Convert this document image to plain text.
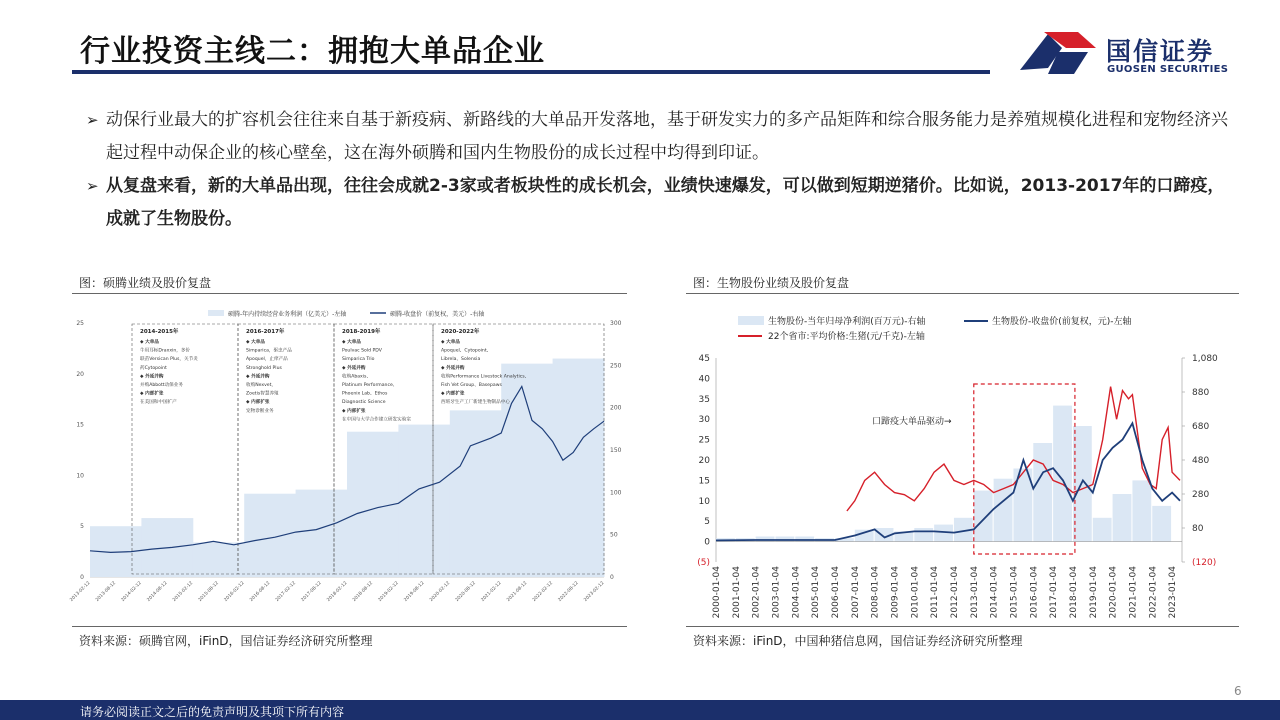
行业投资主线二：拥抱大单品企业	国信证券
GUOSEN SECURITIES
➢ 动保行业最大的扩容机会往往来自基于新疫病、新路线的大单品开发落地，基于研发实力的多产品矩阵和综合服务能力是养殖规模化进程和宠物经济兴起过程中动保企业的核心壁垒，这在海外硕腾和国内生物股份的成长过程中均得到印证。
➢ 从复盘来看，新的大单品出现，往往会成就2-3家或者板块性的成长机会，业绩快速爆发，可以做到短期逆猪价。比如说，2013-2017年的口蹄疫，成就了生物股份。
图：硕腾业绩及股价复盘
硕腾-年内持续经营业务利润（亿美元）-左轴	硕腾-收盘价（前复权，美元）-右轴
25
20
15
10
5
0
300
250
200
150
100
50
0
2014-2015年
◆ 大单品
牛用耳标Draxxin，多价
联苗Versican Plus，关节炎
药Cytopoint
◆ 外延并购
并购Abbott动保业务
◆ 内部扩张
在美国和中国扩产
2016-2017年
◆ 大单品
Simparica，驱虫产品
Apoquel，止痒产品
Stronghold Plus
◆ 外延并购
收购Nexvet，
Zoetis智慧养殖
◆ 内部扩张
宠物诊断业务
2018-2019年
◆ 大单品
Poulvac Sold PDV
Simparica Trio
◆ 外延并购
收购Abaxis、
Platinum Performance、
Phoenix Lab、Ethos
Diagnostic Science
◆ 内部扩张
在中国与大学合作建立研发实验室
2020-2022年
◆ 大单品
Apoquel、Cytopoint、
Librela、Solensia
◆ 外延并购
收购Performance Livestock Analytics、
Fish Vet Group、Basepaws
◆ 内部扩张
西班牙生产工厂新建生物制品中心
2013-02-12 2013-08-12 2014-02-12 2014-08-12 2015-02-12 2015-08-12 2016-02-12 2016-08-12 2017-02-12 2017-08-12 2018-02-12 2018-08-12 2019-02-12 2019-08-12 2020-02-12 2020-08-12 2021-02-12 2021-08-12 2022-02-12 2022-08-12 2023-02-12
资料来源：硕腾官网，iFinD，国信证券经济研究所整理
图：生物股份业绩及股价复盘
生物股份-当年归母净利润(百万元)-右轴	生物股份-收盘价(前复权，元)-左轴
22个省市:平均价格:生猪(元/千克)-左轴
45
40
35
30
25
20
15
10
5
0
(5)
1,080
880
680
480
280
80
(120)
口蹄疫大单品驱动→
2000-01-04 2001-01-04 2002-01-04 2003-01-04 2004-01-04 2005-01-04 2006-01-04 2007-01-04 2008-01-04 2009-01-04 2010-01-04 2011-01-04 2012-01-04 2013-01-04 2014-01-04 2015-01-04 2016-01-04 2017-01-04 2018-01-04 2019-01-04 2020-01-04 2021-01-04 2022-01-04 2023-01-04
资料来源：iFinD，中国种猪信息网，国信证券经济研究所整理
6
请务必阅读正文之后的免责声明及其项下所有内容
